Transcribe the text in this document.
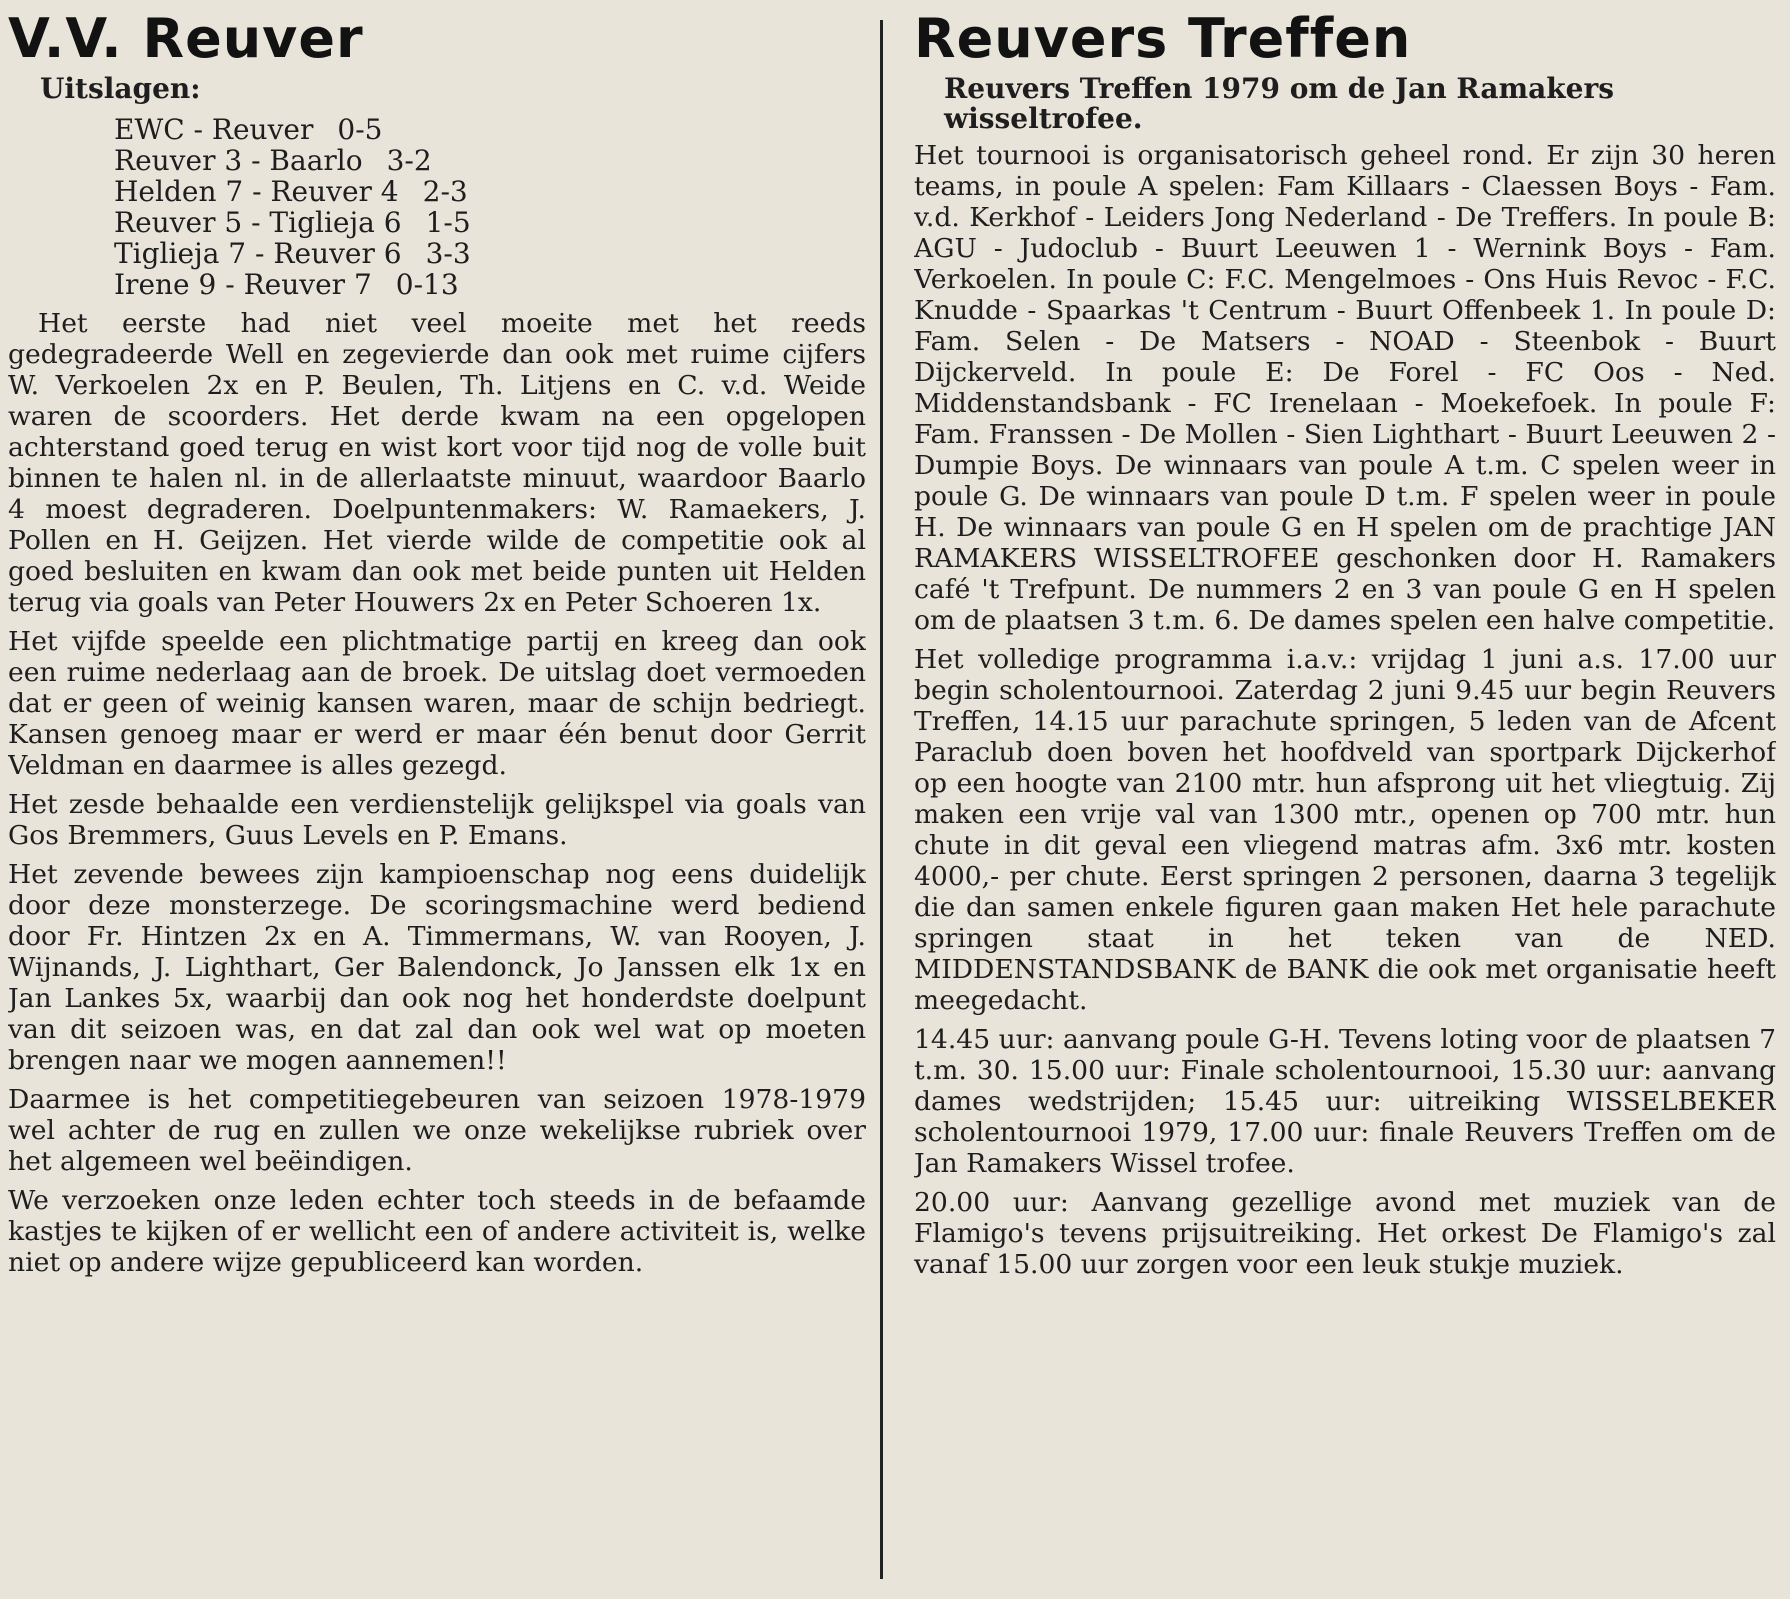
V.V. Reuver
Uitslagen:
EWC - Reuver 0-5
Reuver 3 - Baarlo 3-2
Helden 7 - Reuver 4 2-3
Reuver 5 - Tiglieja 6 1-5
Tiglieja 7 - Reuver 6 3-3
Irene 9 - Reuver 7 0-13

Het eerste had niet veel moeite met het reeds gedegradeerde Well en zegevierde dan ook met ruime cijfers W. Verkoelen 2x en P. Beulen, Th. Litjens en C. v.d. Weide waren de scoorders. Het derde kwam na een opgelopen achterstand goed terug en wist kort voor tijd nog de volle buit binnen te halen nl. in de allerlaatste minuut, waardoor Baarlo 4 moest degraderen. Doelpuntenmakers: W. Ramaekers, J. Pollen en H. Geijzen. Het vierde wilde de competitie ook al goed besluiten en kwam dan ook met beide punten uit Helden terug via goals van Peter Houwers 2x en Peter Schoeren 1x.

Het vijfde speelde een plichtmatige partij en kreeg dan ook een ruime nederlaag aan de broek. De uitslag doet vermoeden dat er geen of weinig kansen waren, maar de schijn bedriegt. Kansen genoeg maar er werd er maar één benut door Gerrit Veldman en daarmee is alles gezegd.

Het zesde behaalde een verdienstelijk gelijkspel via goals van Gos Bremmers, Guus Levels en P. Emans.

Het zevende bewees zijn kampioenschap nog eens duidelijk door deze monsterzege. De scoringsmachine werd bediend door Fr. Hintzen 2x en A. Timmermans, W. van Rooyen, J. Wijnands, J. Lighthart, Ger Balendonck, Jo Janssen elk 1x en Jan Lankes 5x, waarbij dan ook nog het honderdste doelpunt van dit seizoen was, en dat zal dan ook wel wat op moeten brengen naar we mogen aannemen!!

Daarmee is het competitiegebeuren van seizoen 1978-1979 wel achter de rug en zullen we onze wekelijkse rubriek over het algemeen wel beëindigen.

We verzoeken onze leden echter toch steeds in de befaamde kastjes te kijken of er wellicht een of andere activiteit is, welke niet op andere wijze gepubliceerd kan worden.

Reuvers Treffen
Reuvers Treffen 1979 om de Jan Ramakers wisseltrofee.

Het tournooi is organisatorisch geheel rond. Er zijn 30 heren teams, in poule A spelen: Fam Killaars - Claessen Boys - Fam. v.d. Kerkhof - Leiders Jong Nederland - De Treffers. In poule B: AGU - Judoclub - Buurt Leeuwen 1 - Wernink Boys - Fam. Verkoelen. In poule C: F.C. Mengelmoes - Ons Huis Revoc - F.C. Knudde - Spaarkas 't Centrum - Buurt Offenbeek 1. In poule D: Fam. Selen - De Matsers - NOAD - Steenbok - Buurt Dijckerveld. In poule E: De Forel - FC Oos - Ned. Middenstandsbank - FC Irenelaan - Moekefoek. In poule F: Fam. Franssen - De Mollen - Sien Lighthart - Buurt Leeuwen 2 - Dumpie Boys. De winnaars van poule A t.m. C spelen weer in poule G. De winnaars van poule D t.m. F spelen weer in poule H. De winnaars van poule G en H spelen om de prachtige JAN RAMAKERS WISSELTROFEE geschonken door H. Ramakers café 't Trefpunt. De nummers 2 en 3 van poule G en H spelen om de plaatsen 3 t.m. 6. De dames spelen een halve competitie.

Het volledige programma i.a.v.: vrijdag 1 juni a.s. 17.00 uur begin scholentournooi. Zaterdag 2 juni 9.45 uur begin Reuvers Treffen, 14.15 uur parachute springen, 5 leden van de Afcent Paraclub doen boven het hoofdveld van sportpark Dijckerhof op een hoogte van 2100 mtr. hun afsprong uit het vliegtuig. Zij maken een vrije val van 1300 mtr., openen op 700 mtr. hun chute in dit geval een vliegend matras afm. 3x6 mtr. kosten 4000,- per chute. Eerst springen 2 personen, daarna 3 tegelijk die dan samen enkele figuren gaan maken Het hele parachute springen staat in het teken van de NED. MIDDENSTANDSBANK de BANK die ook met organisatie heeft meegedacht.

14.45 uur: aanvang poule G-H. Tevens loting voor de plaatsen 7 t.m. 30. 15.00 uur: Finale scholentournooi, 15.30 uur: aanvang dames wedstrijden; 15.45 uur: uitreiking WISSELBEKER scholentournooi 1979, 17.00 uur: finale Reuvers Treffen om de Jan Ramakers Wissel trofee.

20.00 uur: Aanvang gezellige avond met muziek van de Flamigo's tevens prijsuitreiking. Het orkest De Flamigo's zal vanaf 15.00 uur zorgen voor een leuk stukje muziek.
